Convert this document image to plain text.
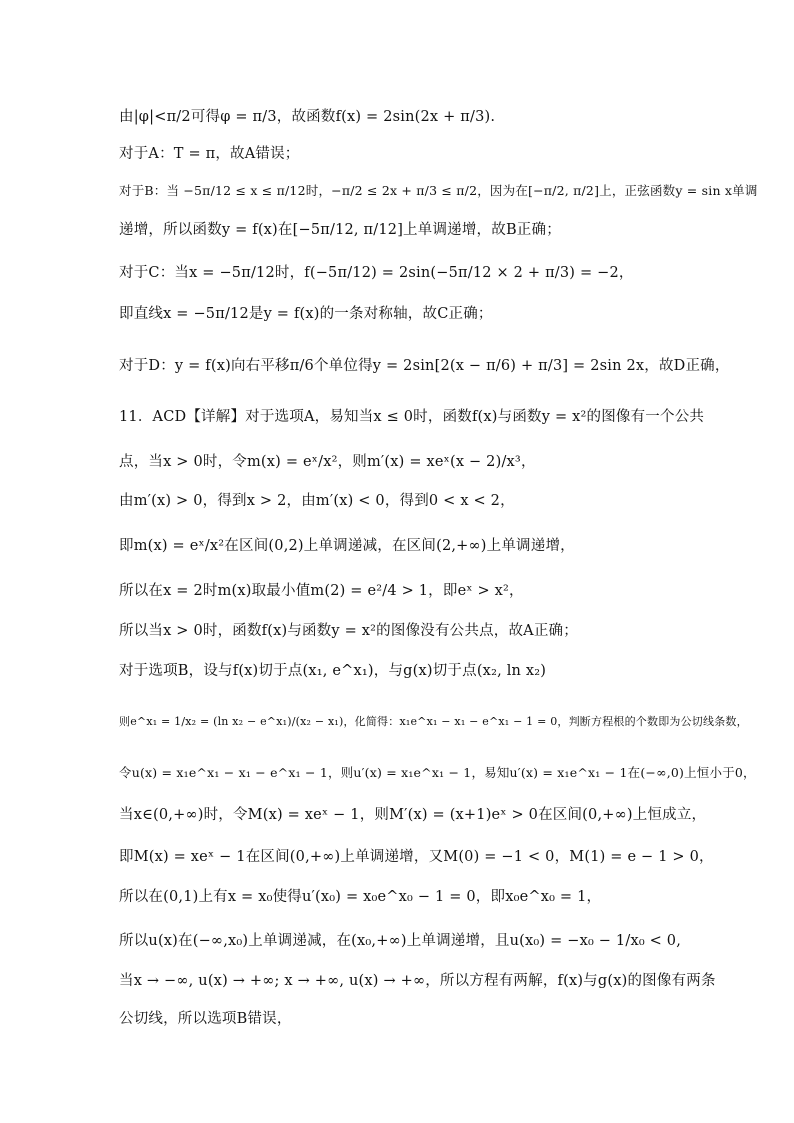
由|φ|<π/2可得φ = π/3，故函数f(x) = 2sin(2x + π/3).
对于A：T = π，故A错误；
对于B：当 −5π/12 ≤ x ≤ π/12时，−π/2 ≤ 2x + π/3 ≤ π/2，因为在[−π/2, π/2]上，正弦函数y = sin x单调
递增，所以函数y = f(x)在[−5π/12, π/12]上单调递增，故B正确；
对于C：当x = −5π/12时，f(−5π/12) = 2sin(−5π/12 × 2 + π/3) = −2，
即直线x = −5π/12是y = f(x)的一条对称轴，故C正确；
对于D：y = f(x)向右平移π/6个单位得y = 2sin[2(x − π/6) + π/3] = 2sin 2x，故D正确，
11．ACD【详解】对于选项A，易知当x ≤ 0时，函数f(x)与函数y = x²的图像有一个公共
点，当x > 0时，令m(x) = eˣ/x²，则m′(x) = xeˣ(x − 2)/x³，
由m′(x) > 0，得到x > 2，由m′(x) < 0，得到0 < x < 2，
即m(x) = eˣ/x²在区间(0,2)上单调递减，在区间(2,+∞)上单调递增，
所以在x = 2时m(x)取最小值m(2) = e²/4 > 1，即eˣ > x²，
所以当x > 0时，函数f(x)与函数y = x²的图像没有公共点，故A正确；
对于选项B，设与f(x)切于点(x₁, e^x₁)，与g(x)切于点(x₂, ln x₂)
则e^x₁ = 1/x₂ = (ln x₂ − e^x₁)/(x₂ − x₁)，化简得：x₁e^x₁ − x₁ − e^x₁ − 1 = 0，判断方程根的个数即为公切线条数，
令u(x) = x₁e^x₁ − x₁ − e^x₁ − 1，则u′(x) = x₁e^x₁ − 1，易知u′(x) = x₁e^x₁ − 1在(−∞,0)上恒小于0，
当x∈(0,+∞)时，令M(x) = xeˣ − 1，则M′(x) = (x+1)eˣ > 0在区间(0,+∞)上恒成立，
即M(x) = xeˣ − 1在区间(0,+∞)上单调递增，又M(0) = −1 < 0，M(1) = e − 1 > 0，
所以在(0,1)上有x = x₀使得u′(x₀) = x₀e^x₀ − 1 = 0，即x₀e^x₀ = 1，
所以u(x)在(−∞,x₀)上单调递减，在(x₀,+∞)上单调递增，且u(x₀) = −x₀ − 1/x₀ < 0,
当x → −∞, u(x) → +∞; x → +∞, u(x) → +∞，所以方程有两解，f(x)与g(x)的图像有两条
公切线，所以选项B错误，
